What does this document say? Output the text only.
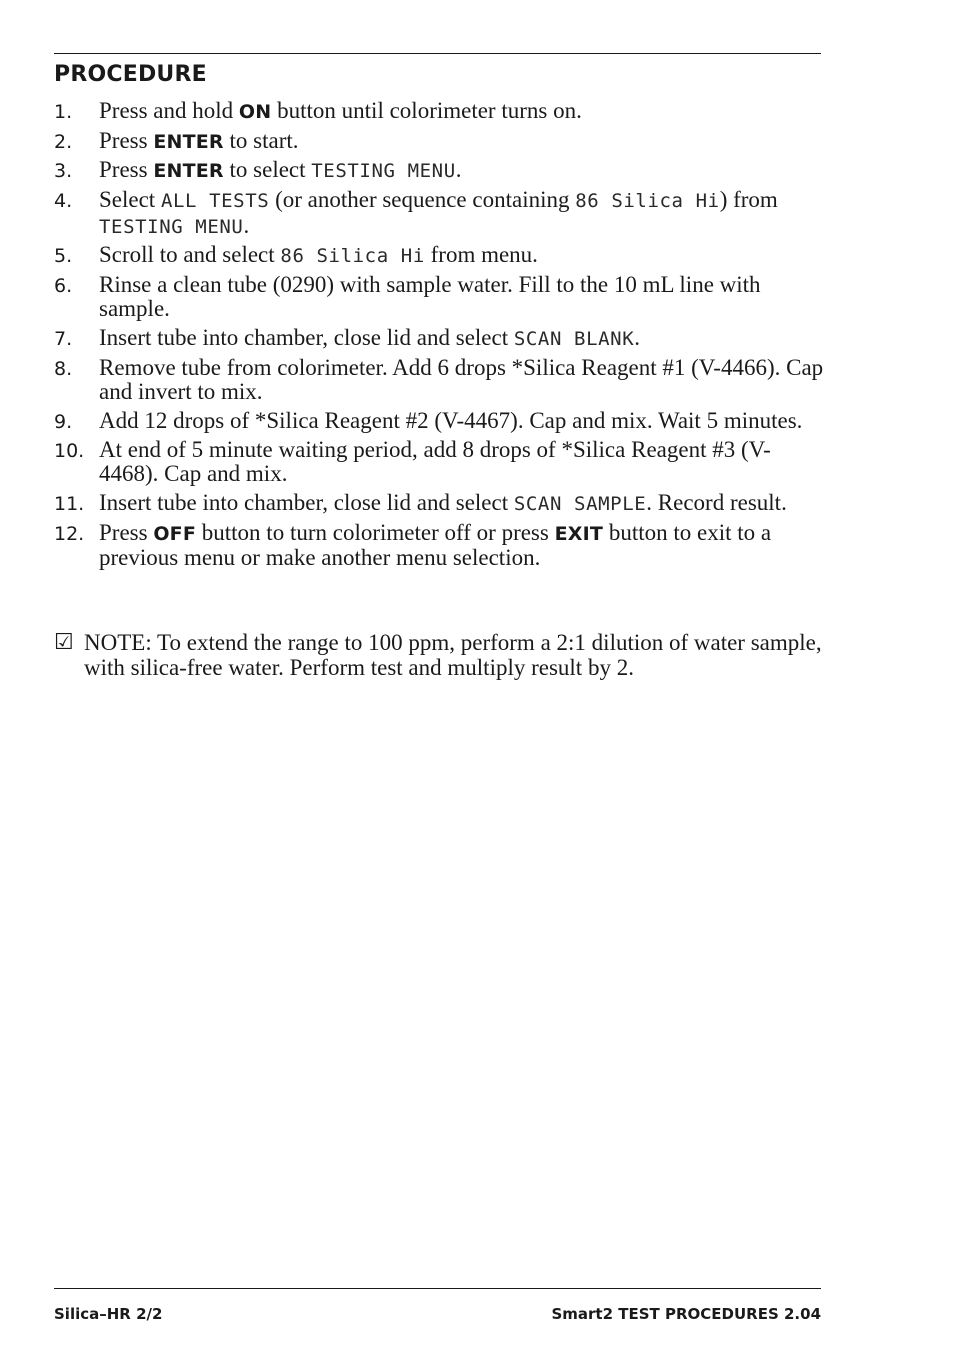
PROCEDURE
1. Press and hold ON button until colorimeter turns on.
2. Press ENTER to start.
3. Press ENTER to select TESTING MENU.
4. Select ALL TESTS (or another sequence containing 86 Silica Hi) from TESTING MENU.
5. Scroll to and select 86 Silica Hi from menu.
6. Rinse a clean tube (0290) with sample water. Fill to the 10 mL line with sample.
7. Insert tube into chamber, close lid and select SCAN BLANK.
8. Remove tube from colorimeter. Add 6 drops *Silica Reagent #1 (V-4466). Cap and invert to mix.
9. Add 12 drops of *Silica Reagent #2 (V-4467). Cap and mix. Wait 5 minutes.
10. At end of 5 minute waiting period, add 8 drops of *Silica Reagent #3 (V-4468). Cap and mix.
11. Insert tube into chamber, close lid and select SCAN SAMPLE. Record result.
12. Press OFF button to turn colorimeter off or press EXIT button to exit to a previous menu or make another menu selection.
☑ NOTE: To extend the range to 100 ppm, perform a 2:1 dilution of water sample, with silica-free water. Perform test and multiply result by 2.
Silica–HR 2/2	Smart2 TEST PROCEDURES 2.04
